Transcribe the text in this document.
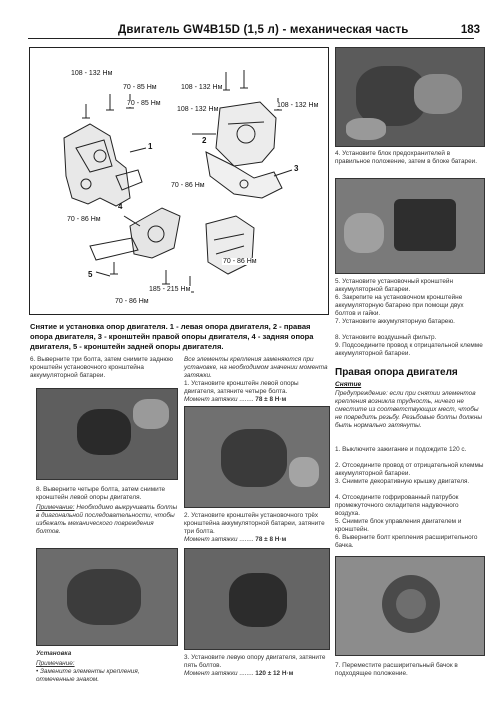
Двигатель GW4B15D (1,5 л) - механическая часть	183
108 - 132 Нм
70 - 85 Нм	108 - 132 Нм
108 - 132 Нм
70 - 85 Нм	108 - 132 Нм
70 - 86 Нм
70 - 86 Нм
70 - 86 Нм
185 - 215 Нм
70 - 86 Нм
1
2
3
4
5
Снятие и установка опор двигателя. 1 - левая опора двигателя, 2 - правая опора двигателя, 3 - кронштейн правой опоры двигателя, 4 - задняя опора двигателя, 5 - кронштейн задней опоры двигателя.
4. Установите блок предохранителей в правильное положение, затем в блоке батареи.
5. Установите установочный кронштейн аккумуляторной батареи.
6. Закрепите на установочном кронштейне аккумуляторную батарею при помощи двух болтов и гайки.
7. Установите аккумуляторную батарею.
8. Установите воздушный фильтр.
9. Подсоедините провод к отрицательной клемме аккумуляторной батареи.
Правая опора двигателя
Снятие
Предупреждение: если при снятии элементов крепления возникла трудность, ничего не сместите из соответствующих мест, чтобы не повредить резьбу. Резьбовые болты должны быть нормально затянуты.
1. Выключите зажигание и подождите 120 с.
2. Отсоедините провод от отрицательной клеммы аккумуляторной батареи.
3. Снимите декоративную крышку двигателя.
4. Отсоедините гофрированный патрубок промежуточного охладителя надувочного воздуха.
5. Снимите блок управления двигателем и кронштейн.
6. Выверните болт крепления расширительного бачка.
7. Переместите расширительный бачок в подходящее положение.
6. Выверните три болта, затем снимите заднюю кронштейн установочного кронштейна аккумуляторной батареи.
8. Выверните четыре болта, затем снимите кронштейн левой опоры двигателя.
Примечание: Необходимо выкручивать болты в диагональной последовательности, чтобы избежать механического повреждения болтов.
Установка
Примечание:
• Замените элементы крепления, отмеченные знаком.
Все элементы крепления заменяются при установке, на необходимом значении момента затяжки.
1. Установите кронштейн левой опоры двигателя, затяните четыре болта.
Момент затяжки ........ 78 ± 8 Н·м
2. Установите кронштейн установочного трёх кронштейна аккумуляторной батареи, затяните три болта.
Момент затяжки ........ 78 ± 8 Н·м
3. Установите левую опору двигателя, затяните пять болтов.
Момент затяжки ........ 120 ± 12 Н·м
